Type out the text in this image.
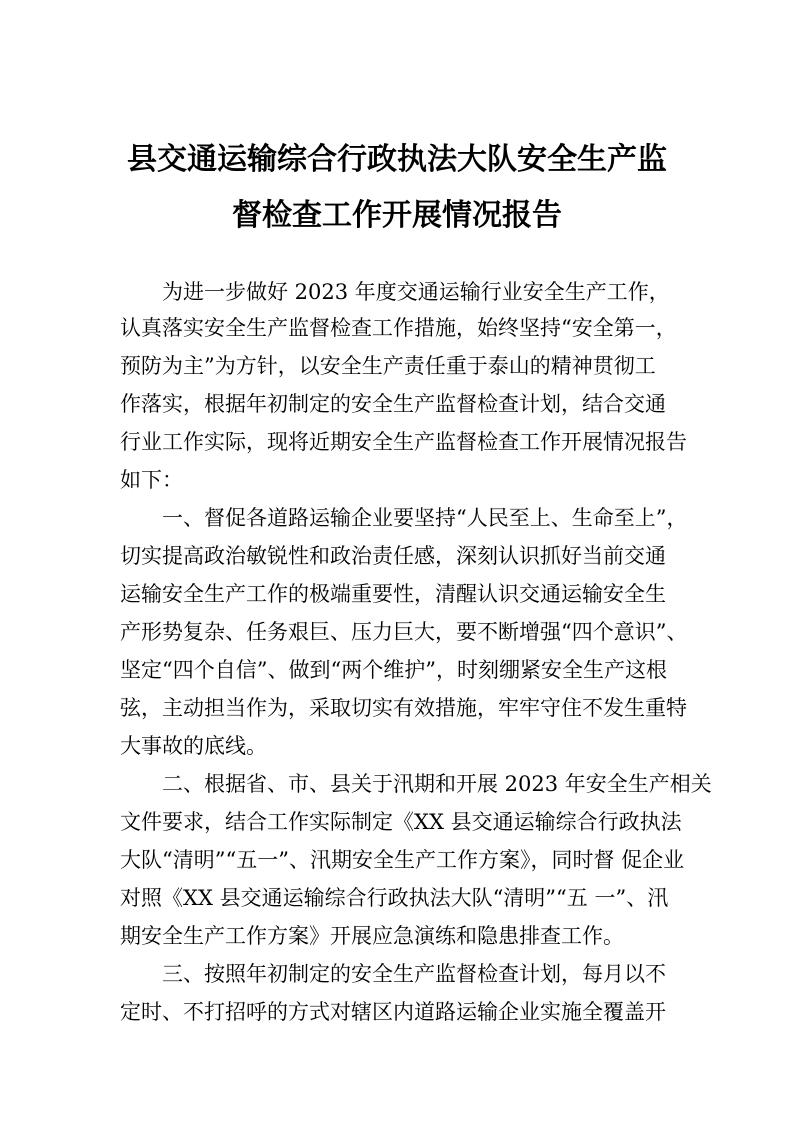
县交通运输综合行政执法大队安全生产监
督检查工作开展情况报告
为进一步做好 2023 年度交通运输行业安全生产工作，
认真落实安全生产监督检查工作措施，始终坚持“安全第一，
预防为主”为方针，以安全生产责任重于泰山的精神贯彻工
作落实，根据年初制定的安全生产监督检查计划，结合交通
行业工作实际，现将近期安全生产监督检查工作开展情况报告
如下：
一、督促各道路运输企业要坚持“人民至上、生命至上”，
切实提高政治敏锐性和政治责任感，深刻认识抓好当前交通
运输安全生产工作的极端重要性，清醒认识交通运输安全生
产形势复杂、任务艰巨、压力巨大，要不断增强“四个意识”、
坚定“四个自信”、做到“两个维护”，时刻绷紧安全生产这根
弦，主动担当作为，采取切实有效措施，牢牢守住不发生重特
大事故的底线。
二、根据省、市、县关于汛期和开展 2023 年安全生产相关
文件要求，结合工作实际制定《XX 县交通运输综合行政执法
大队“清明”“五一”、汛期安全生产工作方案》，同时督 促企业
对照《XX 县交通运输综合行政执法大队“清明”“五 一”、汛
期安全生产工作方案》开展应急演练和隐患排查工作。
三、按照年初制定的安全生产监督检查计划，每月以不
定时、不打招呼的方式对辖区内道路运输企业实施全覆盖开
